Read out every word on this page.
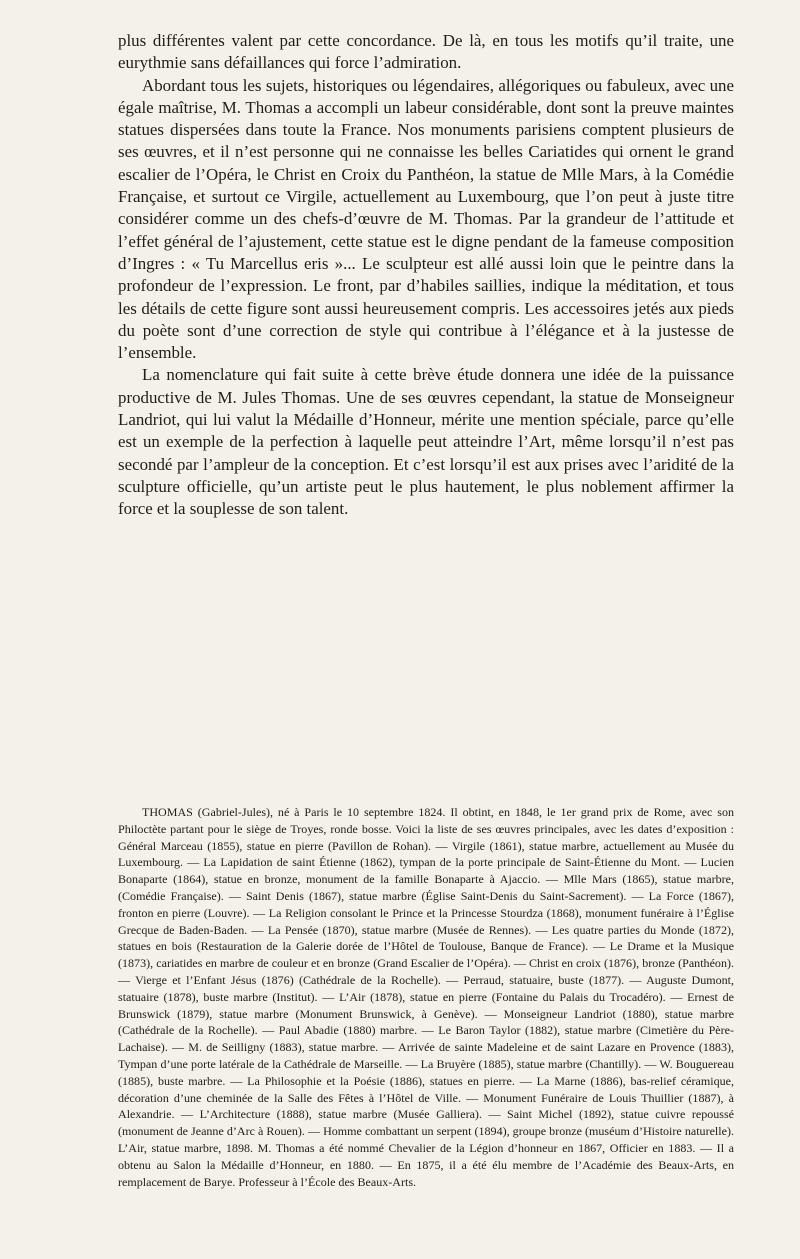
plus différentes valent par cette concordance. De là, en tous les motifs qu’il traite, une eurythmie sans défaillances qui force l’admiration.

Abordant tous les sujets, historiques ou légendaires, allégoriques ou fabuleux, avec une égale maîtrise, M. Thomas a accompli un labeur considérable, dont sont la preuve maintes statues dispersées dans toute la France. Nos monuments parisiens comptent plusieurs de ses œuvres, et il n’est personne qui ne connaisse les belles Cariatides qui ornent le grand escalier de l’Opéra, le Christ en Croix du Panthéon, la statue de Mlle Mars, à la Comédie Française, et surtout ce Virgile, actuellement au Luxembourg, que l’on peut à juste titre considérer comme un des chefs-d’œuvre de M. Thomas. Par la grandeur de l’attitude et l’effet général de l’ajustement, cette statue est le digne pendant de la fameuse composition d’Ingres : « Tu Marcellus eris »... Le sculpteur est allé aussi loin que le peintre dans la profondeur de l’expression. Le front, par d’habiles saillies, indique la méditation, et tous les détails de cette figure sont aussi heureusement compris. Les accessoires jetés aux pieds du poète sont d’une correction de style qui contribue à l’élégance et à la justesse de l’ensemble.

La nomenclature qui fait suite à cette brève étude donnera une idée de la puissance productive de M. Jules Thomas. Une de ses œuvres cependant, la statue de Monseigneur Landriot, qui lui valut la Médaille d’Honneur, mérite une mention spéciale, parce qu’elle est un exemple de la perfection à laquelle peut atteindre l’Art, même lorsqu’il n’est pas secondé par l’ampleur de la conception. Et c’est lorsqu’il est aux prises avec l’aridité de la sculpture officielle, qu’un artiste peut le plus hautement, le plus noblement affirmer la force et la souplesse de son talent.

THOMAS (Gabriel-Jules), né à Paris le 10 septembre 1824. Il obtint, en 1848, le 1er grand prix de Rome, avec son Philoctète partant pour le siège de Troyes, ronde bosse. Voici la liste de ses œuvres principales, avec les dates d’exposition : Général Marceau (1855), statue en pierre (Pavillon de Rohan). — Virgile (1861), statue marbre, actuellement au Musée du Luxembourg. — La Lapidation de saint Étienne (1862), tympan de la porte principale de Saint-Étienne du Mont. — Lucien Bonaparte (1864), statue en bronze, monument de la famille Bonaparte à Ajaccio. — Mlle Mars (1865), statue marbre, (Comédie Française). — Saint Denis (1867), statue marbre (Église Saint-Denis du Saint-Sacrement). — La Force (1867), fronton en pierre (Louvre). — La Religion consolant le Prince et la Princesse Stourdza (1868), monument funéraire à l’Église Grecque de Baden-Baden. — La Pensée (1870), statue marbre (Musée de Rennes). — Les quatre parties du Monde (1872), statues en bois (Restauration de la Galerie dorée de l’Hôtel de Toulouse, Banque de France). — Le Drame et la Musique (1873), cariatides en marbre de couleur et en bronze (Grand Escalier de l’Opéra). — Christ en croix (1876), bronze (Panthéon). — Vierge et l’Enfant Jésus (1876) (Cathédrale de la Rochelle). — Perraud, statuaire, buste (1877). — Auguste Dumont, statuaire (1878), buste marbre (Institut). — L’Air (1878), statue en pierre (Fontaine du Palais du Trocadéro). — Ernest de Brunswick (1879), statue marbre (Monument Brunswick, à Genève). — Monseigneur Landriot (1880), statue marbre (Cathédrale de la Rochelle). — Paul Abadie (1880) marbre. — Le Baron Taylor (1882), statue marbre (Cimetière du Père-Lachaise). — M. de Seilligny (1883), statue marbre. — Arrivée de sainte Madeleine et de saint Lazare en Provence (1883), Tympan d’une porte latérale de la Cathédrale de Marseille. — La Bruyère (1885), statue marbre (Chantilly). — W. Bouguereau (1885), buste marbre. — La Philosophie et la Poésie (1886), statues en pierre. — La Marne (1886), bas-relief céramique, décoration d’une cheminée de la Salle des Fêtes à l’Hôtel de Ville. — Monument Funéraire de Louis Thuillier (1887), à Alexandrie. — L’Architecture (1888), statue marbre (Musée Galliera). — Saint Michel (1892), statue cuivre repoussé (monument de Jeanne d’Arc à Rouen). — Homme combattant un serpent (1894), groupe bronze (muséum d’Histoire naturelle). L’Air, statue marbre, 1898. M. Thomas a été nommé Chevalier de la Légion d’honneur en 1867, Officier en 1883. — Il a obtenu au Salon la Médaille d’Honneur, en 1880. — En 1875, il a été élu membre de l’Académie des Beaux-Arts, en remplacement de Barye. Professeur à l’École des Beaux-Arts.
